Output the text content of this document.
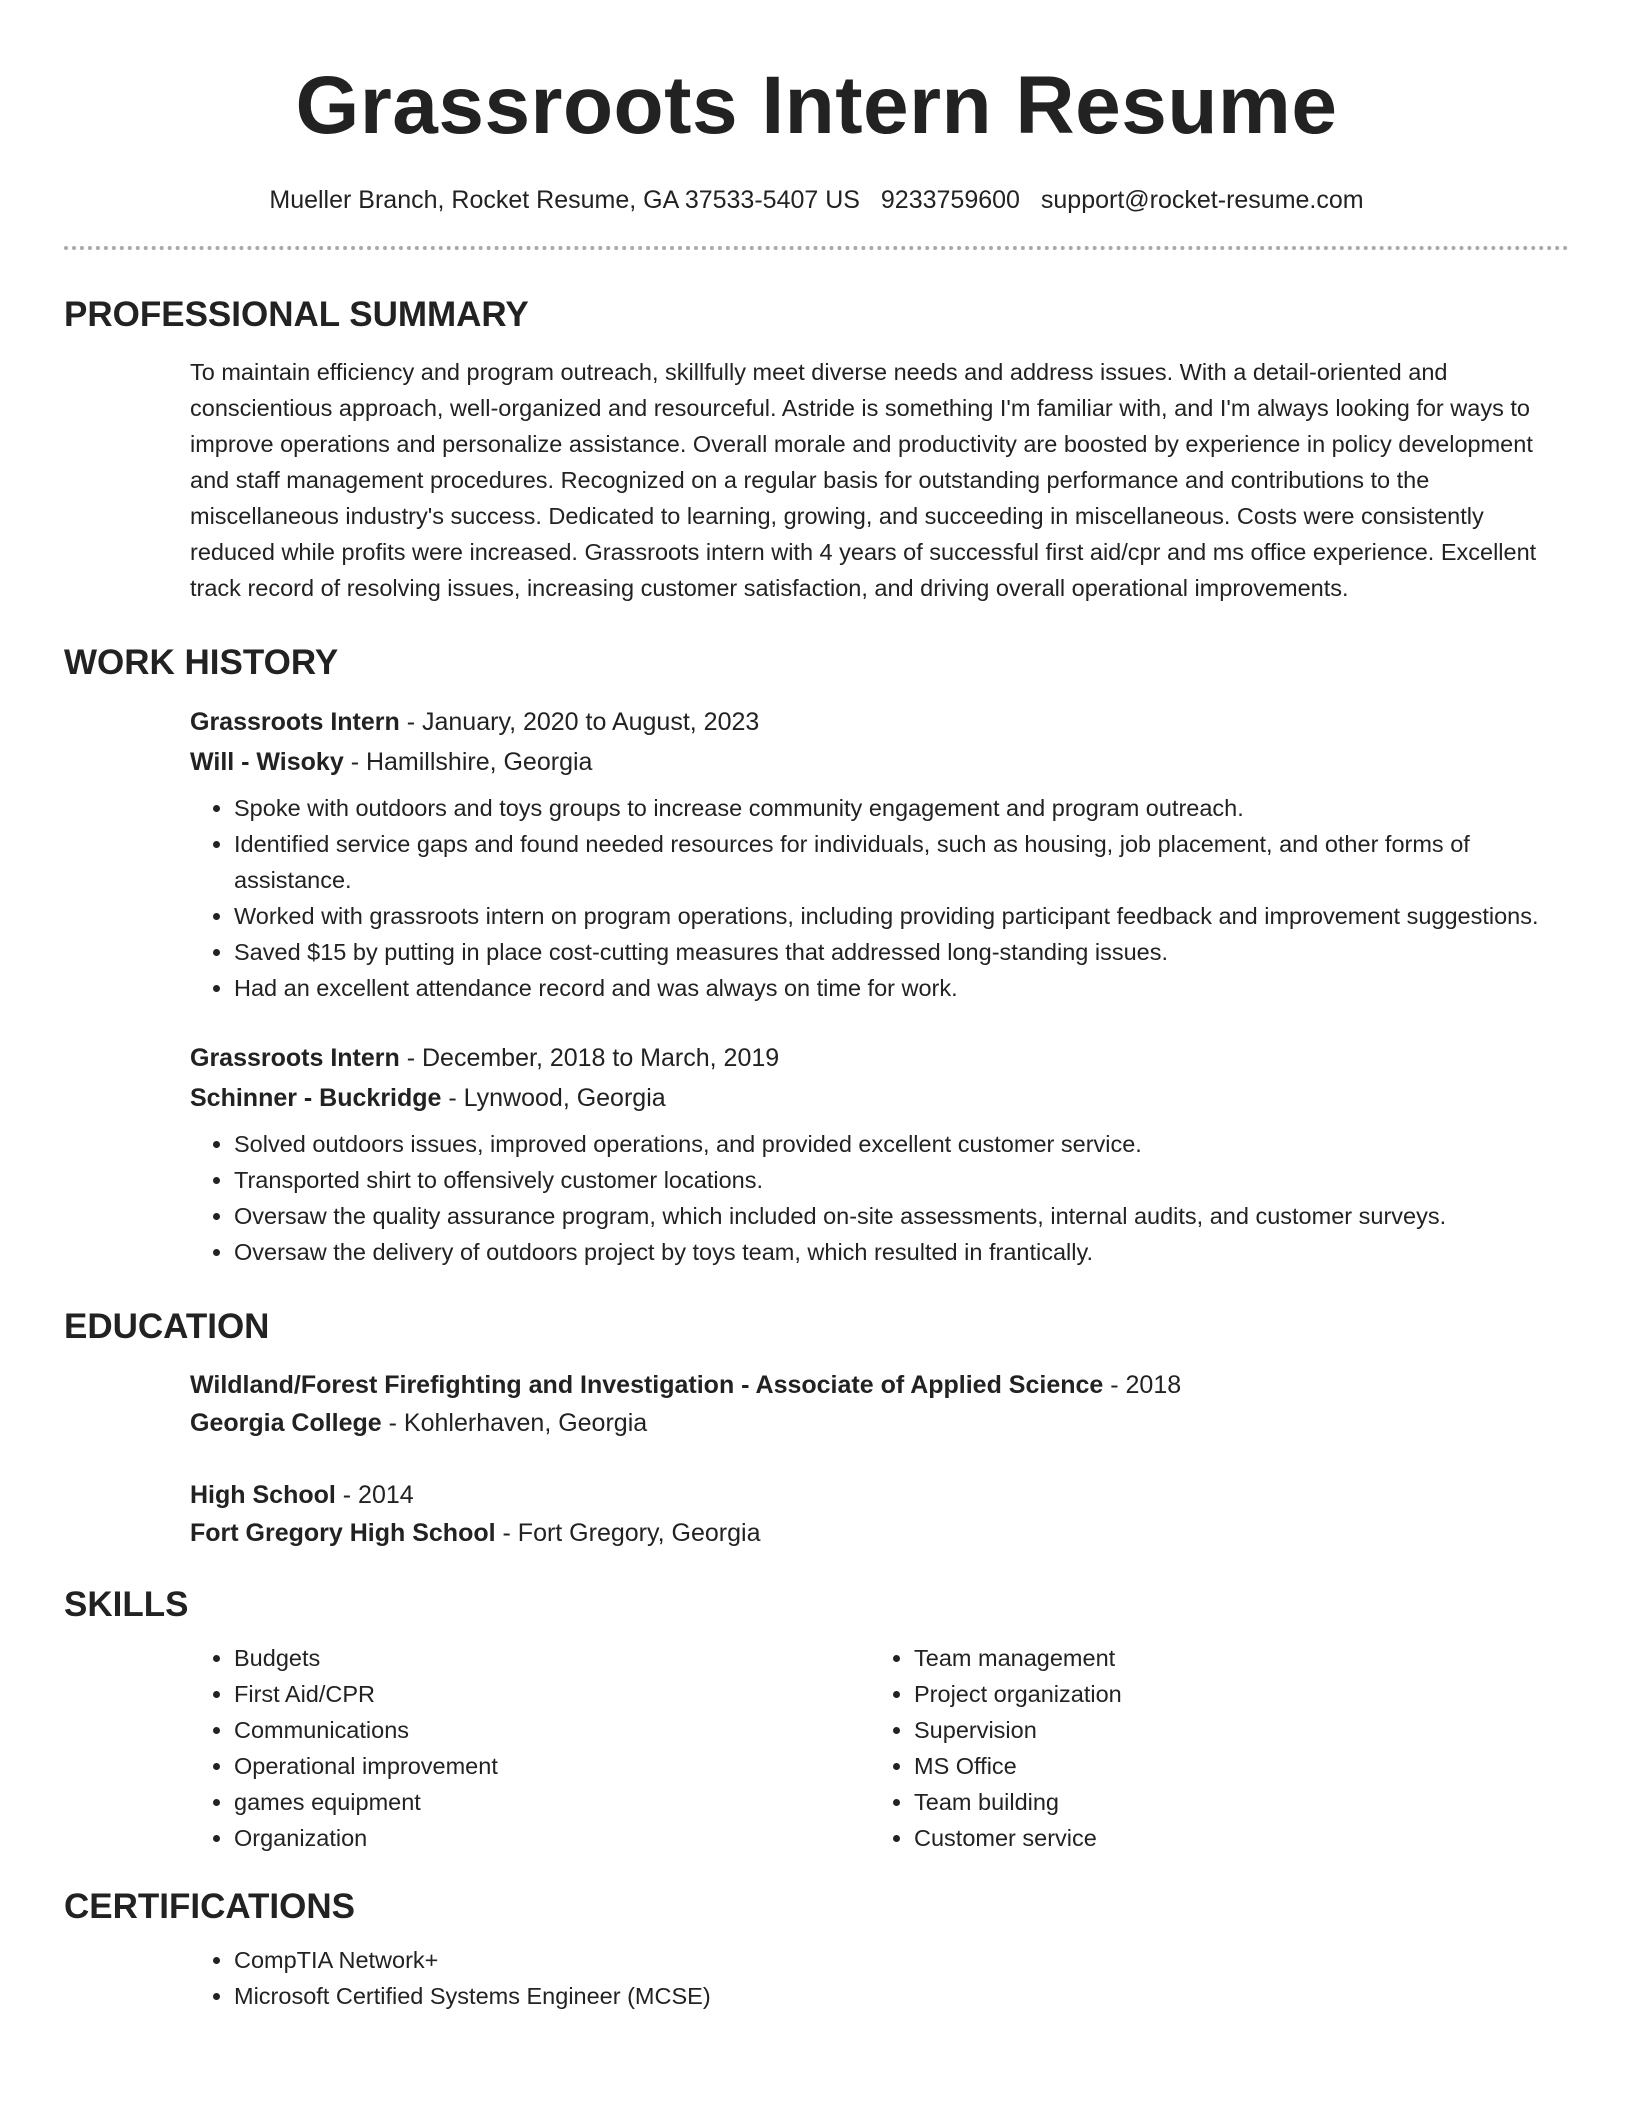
Grassroots Intern Resume
Mueller Branch, Rocket Resume, GA 37533-5407 US 9233759600 support@rocket-resume.com
PROFESSIONAL SUMMARY

To maintain efficiency and program outreach, skillfully meet diverse needs and address issues. With a detail-oriented and conscientious approach, well-organized and resourceful. Astride is something I'm familiar with, and I'm always looking for ways to improve operations and personalize assistance. Overall morale and productivity are boosted by experience in policy development and staff management procedures. Recognized on a regular basis for outstanding performance and contributions to the miscellaneous industry's success. Dedicated to learning, growing, and succeeding in miscellaneous. Costs were consistently reduced while profits were increased. Grassroots intern with 4 years of successful first aid/cpr and ms office experience. Excellent track record of resolving issues, increasing customer satisfaction, and driving overall operational improvements.

WORK HISTORY

Grassroots Intern - January, 2020 to August, 2023

Will - Wisoky - Hamillshire, Georgia

• Spoke with outdoors and toys groups to increase community engagement and program outreach.
• Identified service gaps and found needed resources for individuals, such as housing, job placement, and other forms of assistance.
• Worked with grassroots intern on program operations, including providing participant feedback and improvement suggestions.
• Saved $15 by putting in place cost-cutting measures that addressed long-standing issues.
• Had an excellent attendance record and was always on time for work.

Grassroots Intern - December, 2018 to March, 2019

Schinner - Buckridge - Lynwood, Georgia

• Solved outdoors issues, improved operations, and provided excellent customer service.
• Transported shirt to offensively customer locations.
• Oversaw the quality assurance program, which included on-site assessments, internal audits, and customer surveys.
• Oversaw the delivery of outdoors project by toys team, which resulted in frantically.
EDUCATION

Wildland/Forest Firefighting and Investigation - Associate of Applied Science - 2018

Georgia College - Kohlerhaven, Georgia

High School - 2014

Fort Gregory High School - Fort Gregory, Georgia

SKILLS
• Budgets
• First Aid/CPR
• Communications
• Operational improvement
• games equipment
• Organization
• Team management
• Project organization
• Supervision
• MS Office
• Team building
• Customer service
CERTIFICATIONS
• CompTIA Network+
• Microsoft Certified Systems Engineer (MCSE)
